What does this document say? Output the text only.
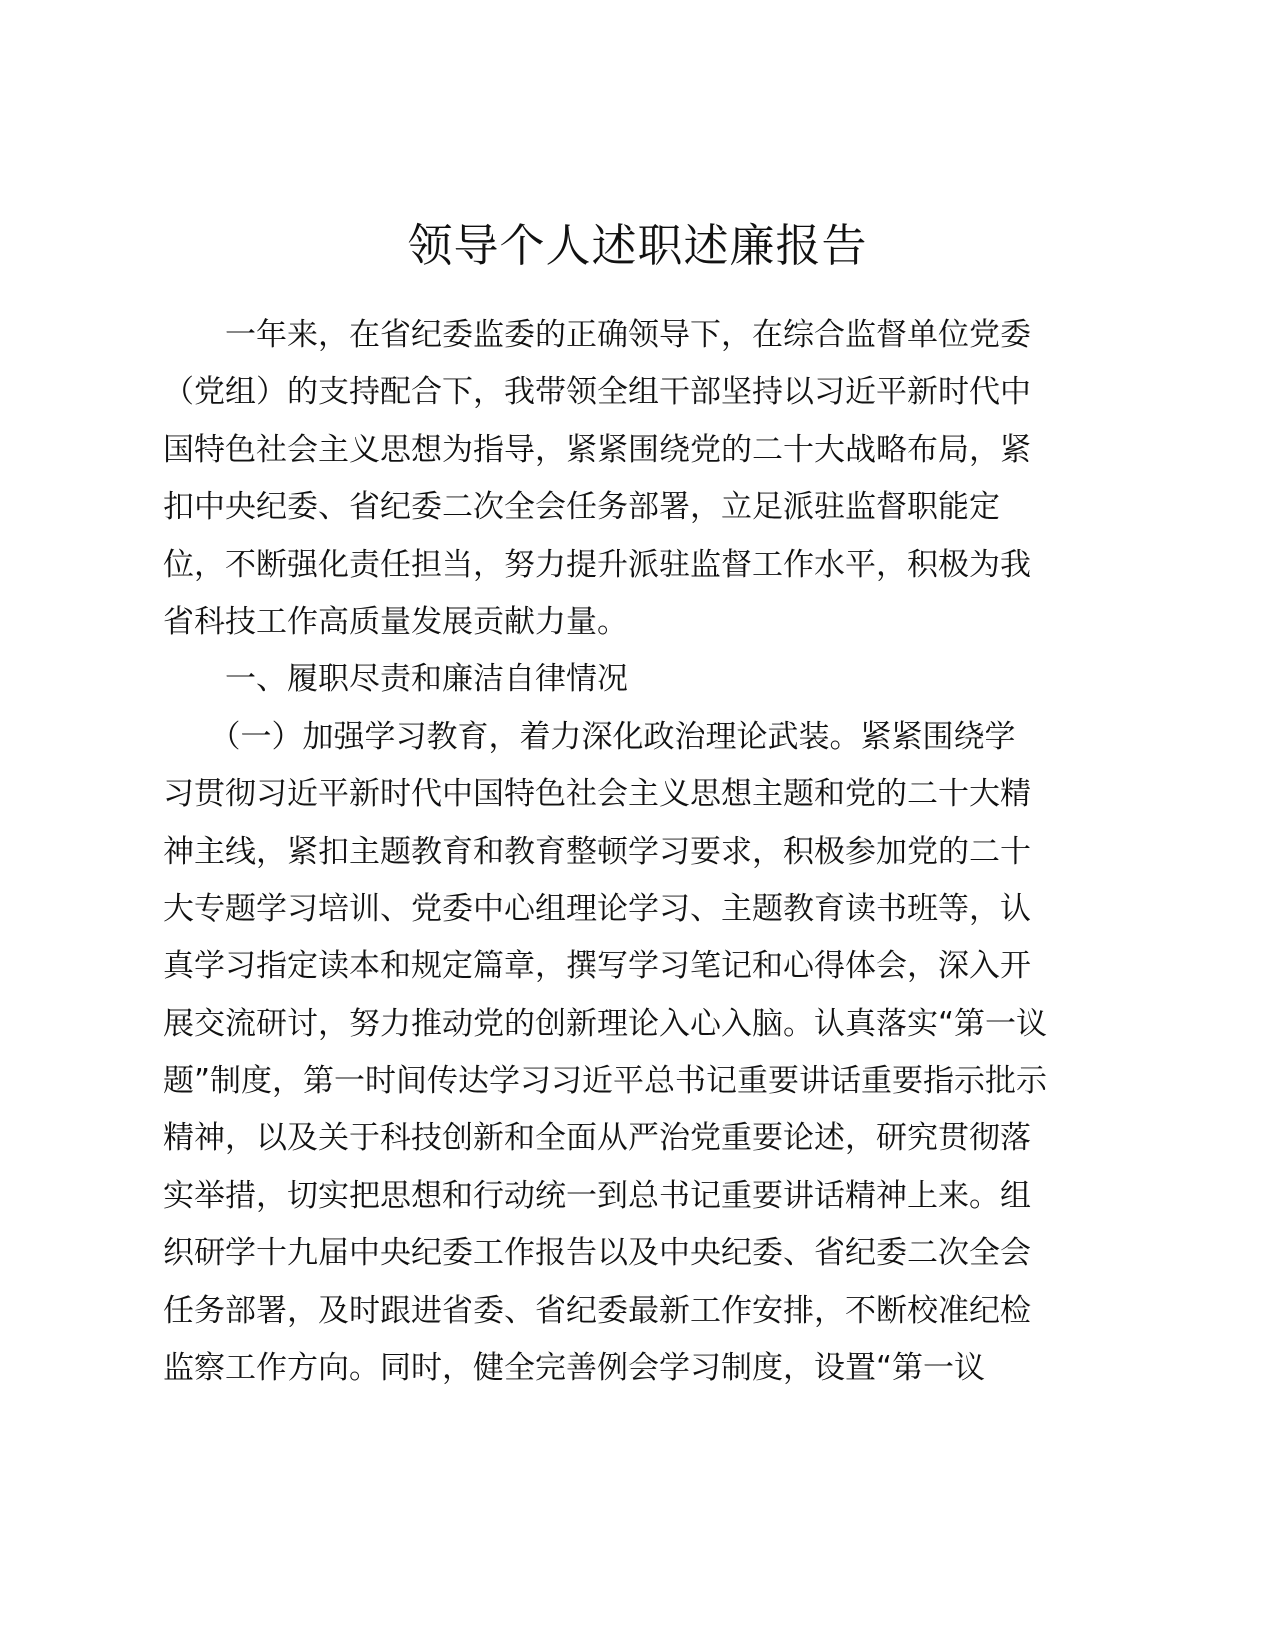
领导个人述职述廉报告
　　一年来，在省纪委监委的正确领导下，在综合监督单位党委
（党组）的支持配合下，我带领全组干部坚持以习近平新时代中
国特色社会主义思想为指导，紧紧围绕党的二十大战略布局，紧
扣中央纪委、省纪委二次全会任务部署，立足派驻监督职能定
位，不断强化责任担当，努力提升派驻监督工作水平，积极为我
省科技工作高质量发展贡献力量。
　　一、履职尽责和廉洁自律情况
　　（一）加强学习教育，着力深化政治理论武装。紧紧围绕学
习贯彻习近平新时代中国特色社会主义思想主题和党的二十大精
神主线，紧扣主题教育和教育整顿学习要求，积极参加党的二十
大专题学习培训、党委中心组理论学习、主题教育读书班等，认
真学习指定读本和规定篇章，撰写学习笔记和心得体会，深入开
展交流研讨，努力推动党的创新理论入心入脑。认真落实“第一议
题”制度，第一时间传达学习习近平总书记重要讲话重要指示批示
精神，以及关于科技创新和全面从严治党重要论述，研究贯彻落
实举措，切实把思想和行动统一到总书记重要讲话精神上来。组
织研学十九届中央纪委工作报告以及中央纪委、省纪委二次全会
任务部署，及时跟进省委、省纪委最新工作安排，不断校准纪检
监察工作方向。同时，健全完善例会学习制度，设置“第一议
